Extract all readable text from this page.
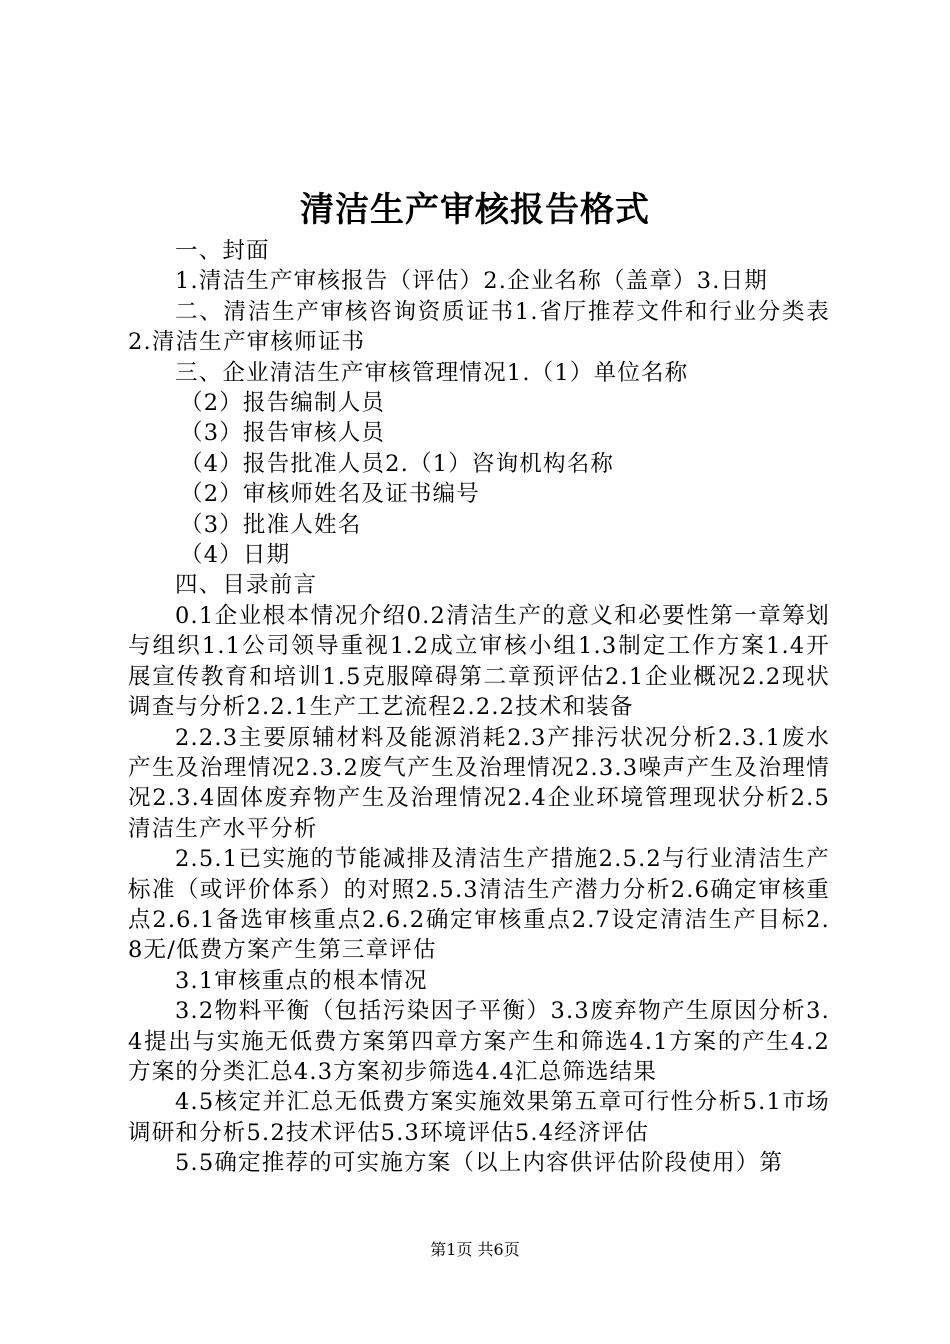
清洁生产审核报告格式

一、封面

1.清洁生产审核报告（评估）2.企业名称（盖章）3.日期

二、清洁生产审核咨询资质证书1.省厅推荐文件和行业分类表2.清洁生产审核师证书

三、企业清洁生产审核管理情况1.（1）单位名称

（2）报告编制人员

（3）报告审核人员

（4）报告批准人员2.（1）咨询机构名称

（2）审核师姓名及证书编号

（3）批准人姓名

（4）日期

四、目录前言

0.1企业根本情况介绍0.2清洁生产的意义和必要性第一章筹划与组织1.1公司领导重视1.2成立审核小组1.3制定工作方案1.4开展宣传教育和培训1.5克服障碍第二章预评估2.1企业概况2.2现状调查与分析2.2.1生产工艺流程2.2.2技术和装备

2.2.3主要原辅材料及能源消耗2.3产排污状况分析2.3.1废水产生及治理情况2.3.2废气产生及治理情况2.3.3噪声产生及治理情况2.3.4固体废弃物产生及治理情况2.4企业环境管理现状分析2.5清洁生产水平分析

2.5.1已实施的节能减排及清洁生产措施2.5.2与行业清洁生产标准（或评价体系）的对照2.5.3清洁生产潜力分析2.6确定审核重点2.6.1备选审核重点2.6.2确定审核重点2.7设定清洁生产目标2.8无/低费方案产生第三章评估

3.1审核重点的根本情况

3.2物料平衡（包括污染因子平衡）3.3废弃物产生原因分析3.4提出与实施无低费方案第四章方案产生和筛选4.1方案的产生4.2方案的分类汇总4.3方案初步筛选4.4汇总筛选结果

4.5核定并汇总无低费方案实施效果第五章可行性分析5.1市场调研和分析5.2技术评估5.3环境评估5.4经济评估

5.5确定推荐的可实施方案（以上内容供评估阶段使用）第

第1页 共6页
